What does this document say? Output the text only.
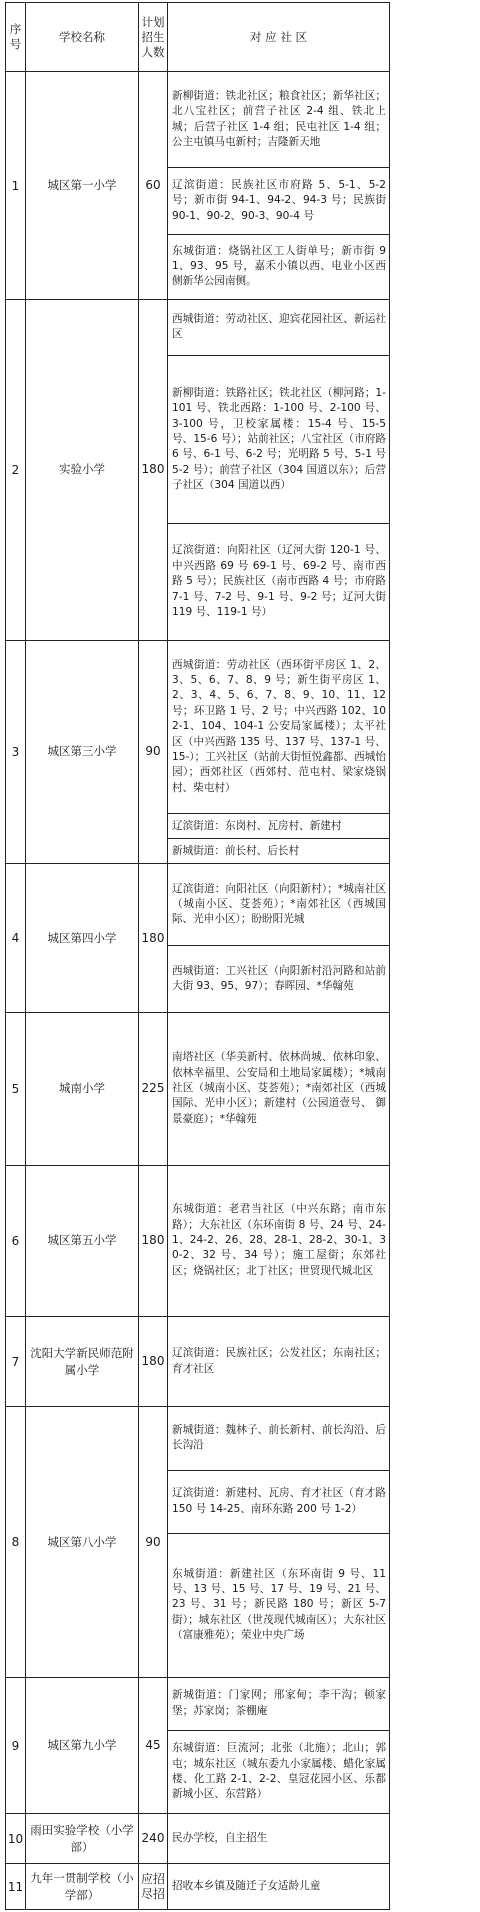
序号	学校名称	计划招生人数	对 应 社 区
1	城区第一小学	60	新柳街道：铁北社区；粮食社区；新华社区；北八宝社区；前营子社区 2-4 组、铁北上城；后营子社区 1-4 组；民屯社区 1-4 组；公主屯镇马屯新村；吉隆新天地
辽滨街道：民族社区市府路 5、5-1、5-2 号；新市街 94-1、94-2、94-3 号；民族街 90-1、90-2、90-3、90-4 号
东城街道：烧锅社区工人街单号；新市街 91、93、95 号，嘉禾小镇以西、电业小区西侧新华公园南侧。

2	实验小学	180	西城街道：劳动社区、迎宾花园社区、新运社区
新柳街道：铁路社区；铁北社区（柳河路；1-101 号、铁北西路：1-100 号、2-100 号、3-100 号，卫校家属楼：15-4 号、15-5 号、15-6 号）；站前社区；八宝社区（市府路 6 号、6-1 号、6-2 号；光明路 5 号、5-1 号 5-2 号）；前营子社区（304 国道以东）；后营子社区（304 国道以西）
辽滨街道：向阳社区（辽河大街 120-1 号、中兴西路 69 号 69-1 号、69-2 号、南市西路 5 号）；民族社区（南市西路 4 号；市府路 7-1 号、7-2 号、9-1 号、9-2 号；辽河大街 119 号、119-1 号）

3	城区第三小学	90	西城街道：劳动社区（西环街平房区 1、2、3、5、6、7、8、9 号；新生街平房区 1、2、3、4、5、6、7、8、9、10、11、12 号；环卫路 1 号、2 号；中兴西路 102、102-1、104、104-1 公安局家属楼）；太平社区（中兴西路 135 号、137 号、137-1 号、15-）；工兴社区（站前大街恒悦鑫都、西城怡园）；西郊社区（西郊村、范屯村、梁家烧锅村、柴屯村）
辽滨街道：东岗村、瓦房村、新建村
新城街道：前长村、后长村

4	城区第四小学	180	辽滨街道：向阳社区（向阳新村）；*城南社区（城南小区、芟荟苑）；*南郊社区（西城国际、光申小区）；盼盼阳光城
西城街道：工兴社区（向阳新村沿河路和站前大街 93、95、97）；春晖园、*华翰苑

5	城南小学	225	南塔社区（华美新村、依林尚城、依林印象、依林幸福里、公安局和土地局家属楼）；*城南社区（城南小区、芟荟苑）；*南郊社区（西城国际、光申小区）；新建村（公园道壹号、 御景豪庭）；*华翰苑

6	城区第五小学	180	东城街道：老君当社区（中兴东路；南市东路）；大东社区（东环南街 8 号、24 号、24-1、24-2、26、28、28-1、28-2、30-1、30-2、32 号、34 号）；施工屋街；东郊社区；烧锅社区；北丁社区；世贸现代城北区

7	沈阳大学新民师范附属小学	180	辽滨街道：民族社区；公发社区；东南社区；育才社区

8	城区第八小学	90	新城街道：魏林子、前长新村、前长沟沿、后长沟沿
辽滨街道：新建村、瓦房、育才社区（育才路 150 号 14-25、南环东路 200 号 1-2）
东城街道：新建社区（东环南街 9 号、11 号、13 号、15 号、17 号、19 号、21 号、23 号、31 号；新民路 180 号；新区 5-7 街）；城东社区（世茂现代城南区）；大东社区（富康雅苑）；荣业中央广场

9	城区第九小学	45	新城街道：门家网；邢家甸；李干沟；顿家堡；苏家岗；茶棚庵
东城街道：巨流河；北张（北施）；北山；郭屯；城东社区（城东委九小家属楼、蜡化家属楼、化工路 2-1、2-2、皇冠花园小区、乐都新城小区、东营路）

10	雨田实验学校（小学部）	240	民办学校，自主招生

11	九年一贯制学校（小学部）	应招尽招	招收本乡镇及随迁子女适龄儿童
